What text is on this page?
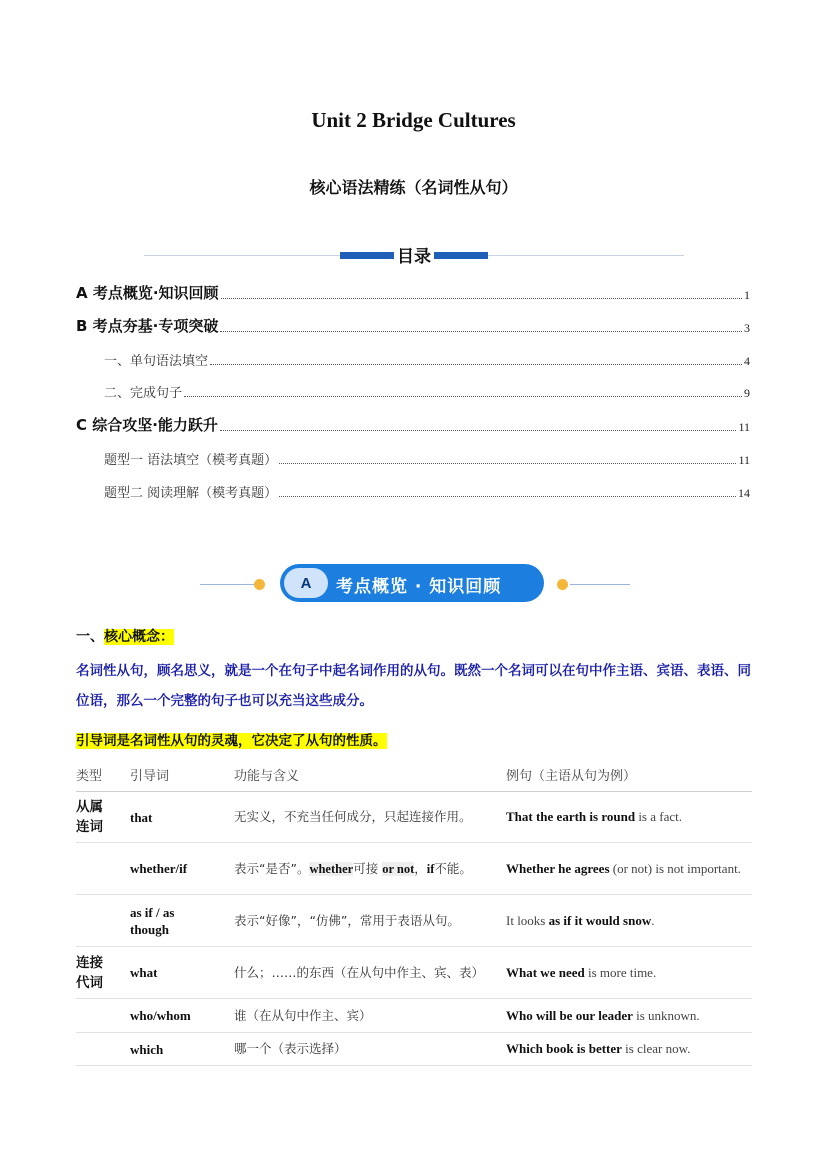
Unit 2 Bridge Cultures
核心语法精练（名词性从句）
目录
A 考点概览·知识回顾	1
B 考点夯基·专项突破	3
一、单句语法填空	4
二、完成句子	9
C 综合攻坚·能力跃升	11
题型一 语法填空（模考真题）	11
题型二 阅读理解（模考真题）	14
A	考点概览 · 知识回顾
一、核心概念：
名词性从句，顾名思义，就是一个在句子中起名词作用的从句。既然一个名词可以在句中作主语、宾语、表语、同位语，那么一个完整的句子也可以充当这些成分。
引导词是名词性从句的灵魂，它决定了从句的性质。
类型	引导词	功能与含义	例句（主语从句为例）

从属连词	that	无实义，不充当任何成分，只起连接作用。	That the earth is round is a fact.
	whether/if	表示“是否”。whether可接 or not，if不能。	Whether he agrees (or not) is not important.

	as if / as though	表示“好像”，“仿佛”，常用于表语从句。	It looks as if it would snow.

连接代词	what	什么；……的东西（在从句中作主、宾、表）	What we need is more time.
	who/whom	谁（在从句中作主、宾）	Who will be our leader is unknown.
	which	哪一个（表示选择）	Which book is better is clear now.
